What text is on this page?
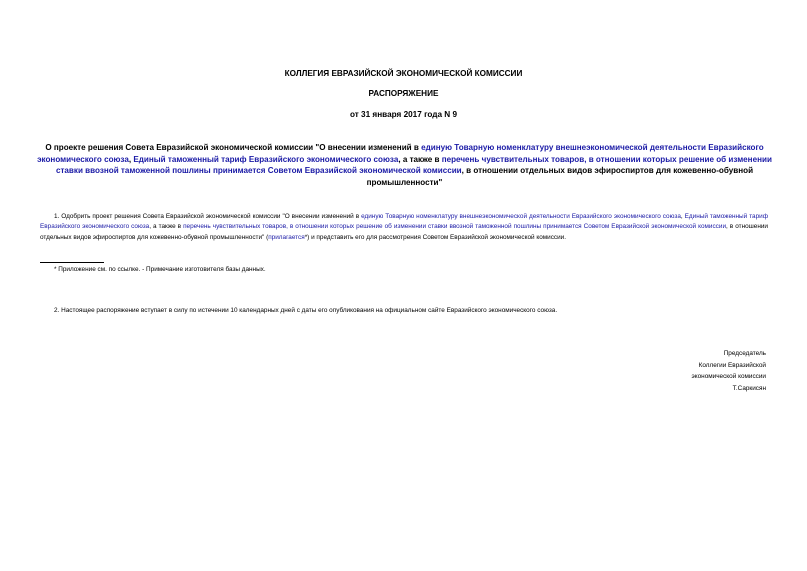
КОЛЛЕГИЯ ЕВРАЗИЙСКОЙ ЭКОНОМИЧЕСКОЙ КОМИССИИ
РАСПОРЯЖЕНИЕ
от 31 января 2017 года N 9
О проекте решения Совета Евразийской экономической комиссии "О внесении изменений в единую Товарную номенклатуру внешнеэкономической деятельности Евразийского экономического союза, Единый таможенный тариф Евразийского экономического союза, а также в перечень чувствительных товаров, в отношении которых решение об изменении ставки ввозной таможенной пошлины принимается Советом Евразийской экономической комиссии, в отношении отдельных видов эфироспиртов для кожевенно-обувной промышленности"
1. Одобрить проект решения Совета Евразийской экономической комиссии "О внесении изменений в единую Товарную номенклатуру внешнеэкономической деятельности Евразийского экономического союза, Единый таможенный тариф Евразийского экономического союза, а также в перечень чувствительных товаров, в отношении которых решение об изменении ставки ввозной таможенной пошлины принимается Советом Евразийской экономической комиссии, в отношении отдельных видов эфироспиртов для кожевенно-обувной промышленности" (прилагается*) и представить его для рассмотрения Советом Евразийской экономической комиссии.
* Приложение см. по ссылке. - Примечание изготовителя базы данных.
2. Настоящее распоряжение вступает в силу по истечении 10 календарных дней с даты его опубликования на официальном сайте Евразийского экономического союза.
Председатель
Коллегии Евразийской
экономической комиссии
Т.Саркисян
